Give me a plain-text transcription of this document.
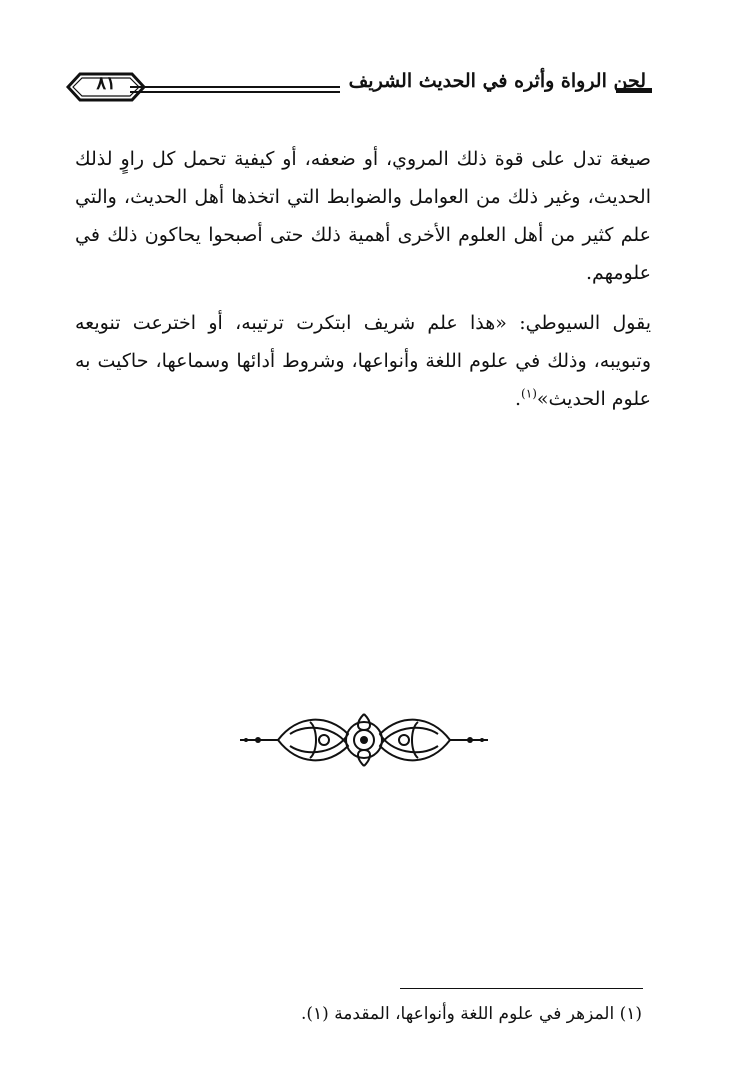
لحن الرواة وأثره في الحديث الشريف
٨١

صيغة تدل على قوة ذلك المروي، أو ضعفه، أو كيفية تحمل كل راوٍ لذلك الحديث، وغير ذلك من العوامل والضوابط التي اتخذها أهل الحديث، والتي علم كثير من أهل العلوم الأخرى أهمية ذلك حتى أصبحوا يحاكون ذلك في علومهم.

يقول السيوطي: «هذا علم شريف ابتكرت ترتيبه، أو اخترعت تنويعه وتبويبه، وذلك في علوم اللغة وأنواعها، وشروط أدائها وسماعها، حاكيت به علوم الحديث»$^{(١)}$.

(١) المزهر في علوم اللغة وأنواعها، المقدمة (١).
